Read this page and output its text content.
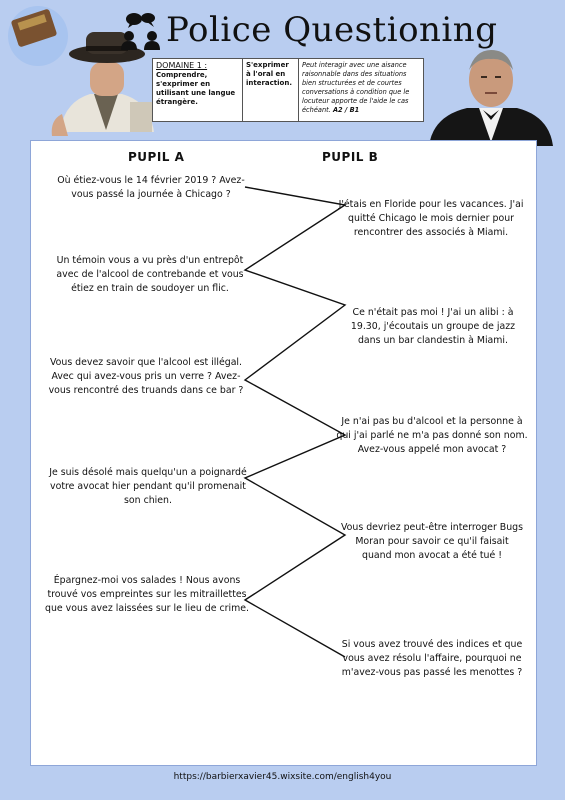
Police Questioning
DOMAINE 1 :
Comprendre, s'exprimer en utilisant une langue étrangère.
S'exprimer à l'oral en interaction.
Peut interagir avec une aisance raisonnable dans des situations bien structurées et de courtes conversations à condition que le locuteur apporte de l'aide le cas échéant. A2 / B1
PUPIL A	PUPIL B
Où étiez-vous le 14 février 2019 ? Avez-vous passé la journée à Chicago ?
Un témoin vous a vu près d'un entrepôt avec de l'alcool de contrebande et vous étiez en train de soudoyer un flic.
Vous devez savoir que l'alcool est illégal. Avec qui avez-vous pris un verre ? Avez-vous rencontré des truands dans ce bar ?
Je suis désolé mais quelqu'un a poignardé votre avocat hier pendant qu'il promenait son chien.
Épargnez-moi vos salades ! Nous avons trouvé vos empreintes sur les mitraillettes que vous avez laissées sur le lieu de crime.
J'étais en Floride pour les vacances. J'ai quitté Chicago le mois dernier pour rencontrer des associés à Miami.
Ce n'était pas moi ! J'ai un alibi : à 19.30, j'écoutais un groupe de jazz dans un bar clandestin à Miami.
Je n'ai pas bu d'alcool et la personne à qui j'ai parlé ne m'a pas donné son nom. Avez-vous appelé mon avocat ?
Vous devriez peut-être interroger Bugs Moran pour savoir ce qu'il faisait quand mon avocat a été tué !
Si vous avez trouvé des indices et que vous avez résolu l'affaire, pourquoi ne m'avez-vous pas passé les menottes ?
https://barbierxavier45.wixsite.com/english4you
